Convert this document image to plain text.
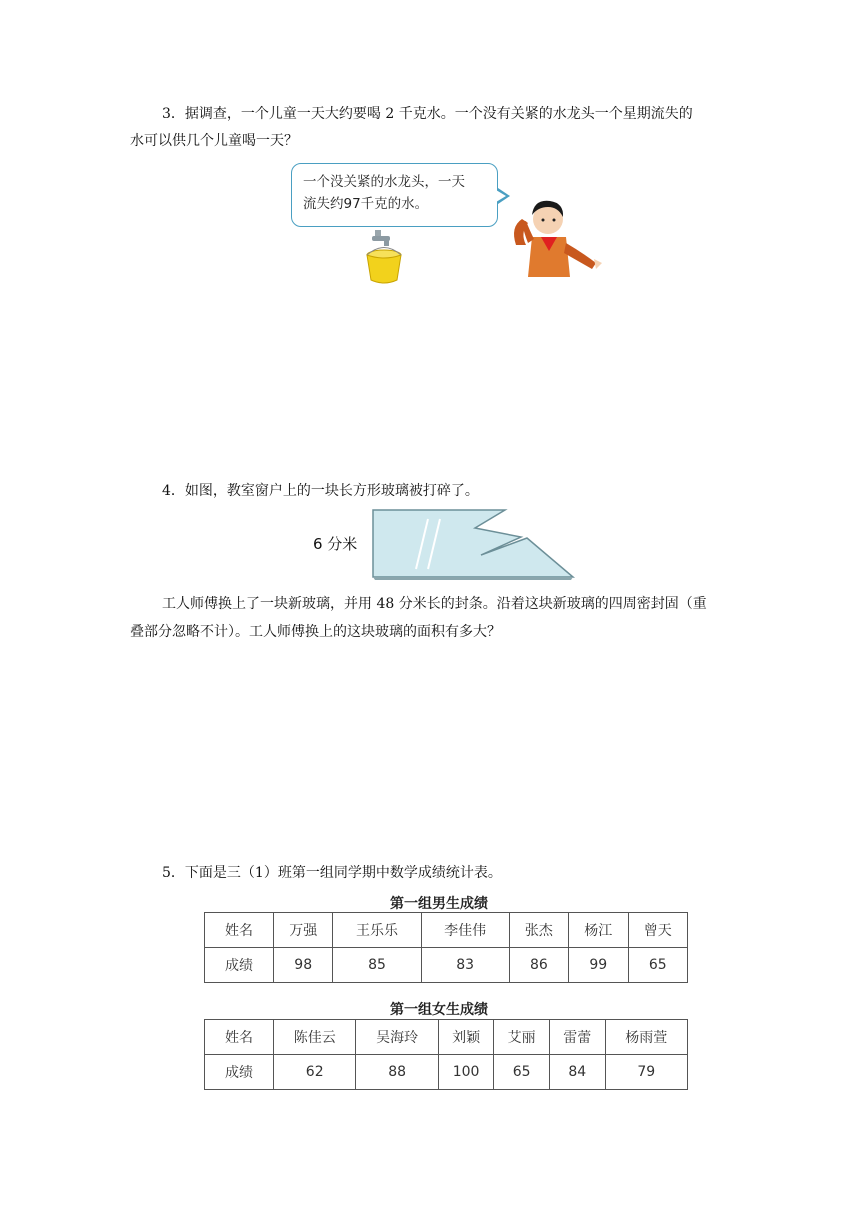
3．据调查，一个儿童一天大约要喝 2 千克水。一个没有关紧的水龙头一个星期流失的
水可以供几个儿童喝一天？
一个没关紧的水龙头，一天
流失约97千克的水。
4．如图，教室窗户上的一块长方形玻璃被打碎了。
6 分米
工人师傅换上了一块新玻璃，并用 48 分米长的封条。沿着这块新玻璃的四周密封固（重
叠部分忽略不计）。工人师傅换上的这块玻璃的面积有多大？
5．下面是三（1）班第一组同学期中数学成绩统计表。
第一组男生成绩
姓名	万强	王乐乐	李佳伟	张杰	杨江	曾天
成绩	98	85	83	86	99	65
第一组女生成绩
姓名	陈佳云	吴海玲	刘颖	艾丽	雷蕾	杨雨萱
成绩	62	88	100	65	84	79
